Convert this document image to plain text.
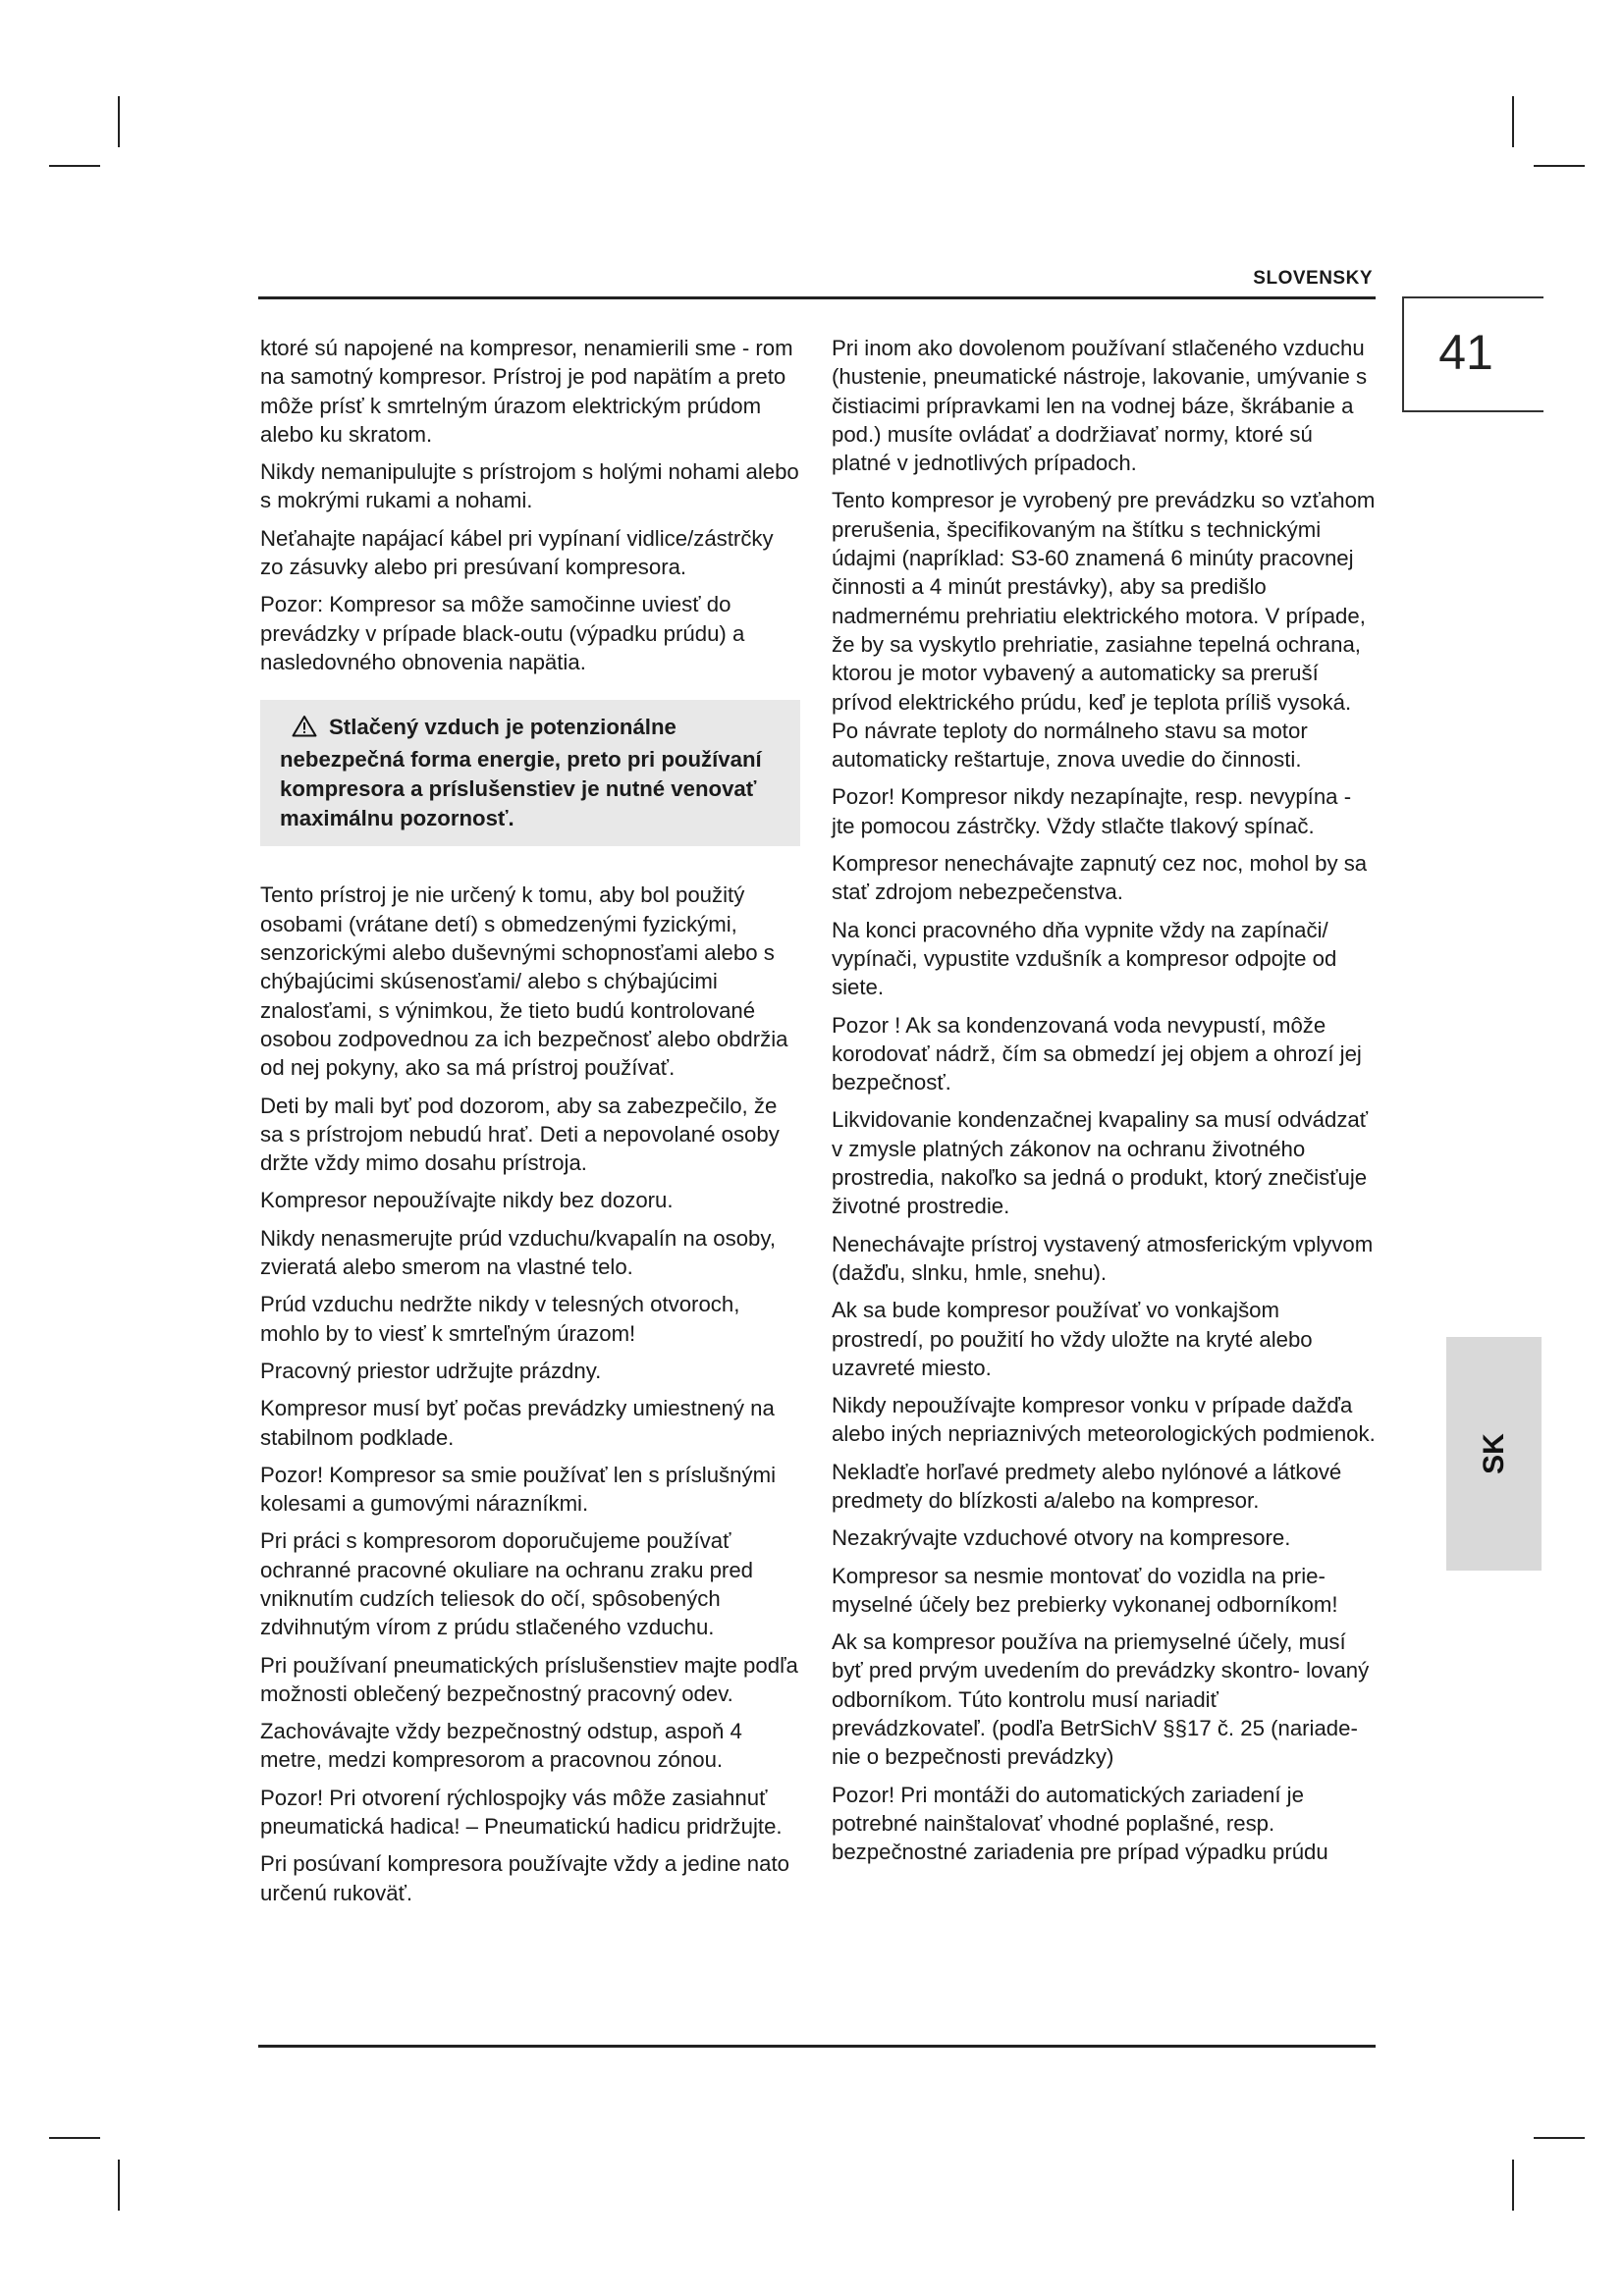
SLOVENSKY
41
SK

ktoré sú napojené na kompresor, nenamierili sme - rom na samotný kompresor. Prístroj je pod napätím a preto môže prísť k smrtelným úrazom elektrickým prúdom alebo ku skratom.

Nikdy nemanipulujte s prístrojom s holými nohami alebo s mokrými rukami a nohami.

Neťahajte napájací kábel pri vypínaní vidlice/zástrčky zo zásuvky alebo pri presúvaní kompresora.

Pozor: Kompresor sa môže samočinne uviesť do prevádzky v prípade black-outu (výpadku prúdu) a nasledovného obnovenia napätia.

Stlačený vzduch je potenzionálne nebezpečná forma energie, preto pri používaní kompresora a príslušenstiev je nutné venovať maximálnu pozornosť.

Tento prístroj je nie určený k tomu, aby bol použitý osobami (vrátane detí) s obmedzenými fyzickými, senzorickými alebo duševnými schopnosťami alebo s chýbajúcimi skúsenosťami/ alebo s chýbajúcimi znalosťami, s výnimkou, že tieto budú kontrolované osobou zodpovednou za ich bezpečnosť alebo obdržia od nej pokyny, ako sa má prístroj používať.

Deti by mali byť pod dozorom, aby sa zabezpečilo, že sa s prístrojom nebudú hrať. Deti a nepovolané osoby držte vždy mimo dosahu prístroja.

Kompresor nepoužívajte nikdy bez dozoru.

Nikdy nenasmerujte prúd vzduchu/kvapalín na osoby, zvieratá alebo smerom na vlastné telo.

Prúd vzduchu nedržte nikdy v telesných otvoroch, mohlo by to viesť k smrteľným úrazom!

Pracovný priestor udržujte prázdny.

Kompresor musí byť počas prevádzky umiestnený na stabilnom podklade.

Pozor! Kompresor sa smie používať len s príslušnými kolesami a gumovými nárazníkmi.

Pri práci s kompresorom doporučujeme používať ochranné pracovné okuliare na ochranu zraku pred vniknutím cudzích teliesok do očí, spôsobených zdvihnutým vírom z prúdu stlačeného vzduchu.

Pri používaní pneumatických príslušenstiev majte podľa možnosti oblečený bezpečnostný pracovný odev.

Zachovávajte vždy bezpečnostný odstup, aspoň 4 metre, medzi kompresorom a pracovnou zónou.

Pozor! Pri otvorení rýchlospojky vás môže zasiahnuť pneumatická hadica! – Pneumatickú hadicu pridržujte.

Pri posúvaní kompresora používajte vždy a jedine nato určenú rukoväť.

Pri inom ako dovolenom používaní stlačeného vzduchu (hustenie, pneumatické nástroje, lakovanie, umývanie s čistiacimi prípravkami len na vodnej báze, škrábanie a pod.) musíte ovládať a dodržiavať normy, ktoré sú platné v jednotlivých prípadoch.

Tento kompresor je vyrobený pre prevádzku so vzťahom prerušenia, špecifikovaným na štítku s technickými údajmi (napríklad: S3-60 znamená 6 minúty pracovnej činnosti a 4 minút prestávky), aby sa predišlo nadmernému prehriatiu elektrického motora. V prípade, že by sa vyskytlo prehriatie, zasiahne tepelná ochrana, ktorou je motor vybavený a automaticky sa preruší prívod elektrického prúdu, keď je teplota príliš vysoká. Po návrate teploty do normálneho stavu sa motor automaticky reštartuje, znova uvedie do činnosti.

Pozor! Kompresor nikdy nezapínajte, resp. nevypína - jte pomocou zástrčky. Vždy stlačte tlakový spínač.

Kompresor nenechávajte zapnutý cez noc, mohol by sa stať zdrojom nebezpečenstva.

Na konci pracovného dňa vypnite vždy na zapínači/ vypínači, vypustite vzdušník a kompresor odpojte od siete.

Pozor ! Ak sa kondenzovaná voda nevypustí, môže korodovať nádrž, čím sa obmedzí jej objem a ohrozí jej bezpečnosť.

Likvidovanie kondenzačnej kvapaliny sa musí odvádzať v zmysle platných zákonov na ochranu životného prostredia, nakoľko sa jedná o produkt, ktorý znečisťuje životné prostredie.

Nenechávajte prístroj vystavený atmosferickým vplyvom (dažďu, slnku, hmle, snehu).

Ak sa bude kompresor používať vo vonkajšom prostredí, po použití ho vždy uložte na kryté alebo uzavreté miesto.

Nikdy nepoužívajte kompresor vonku v prípade dažďa alebo iných nepriaznivých meteorologických podmienok.

Nekladťe horľavé predmety alebo nylónové a látkové predmety do blízkosti a/alebo na kompresor.

Nezakrývajte vzduchové otvory na kompresore.

Kompresor sa nesmie montovať do vozidla na prie- myselné účely bez prebierky vykonanej odborníkom!

Ak sa kompresor používa na priemyselné účely, musí byť pred prvým uvedením do prevádzky skontro- lovaný odborníkom. Túto kontrolu musí nariadiť prevádzkovateľ. (podľa BetrSichV §§17 č. 25 (nariade- nie o bezpečnosti prevádzky)

Pozor! Pri montáži do automatických zariadení je potrebné nainštalovať vhodné poplašné, resp. bezpečnostné zariadenia pre prípad výpadku prúdu
